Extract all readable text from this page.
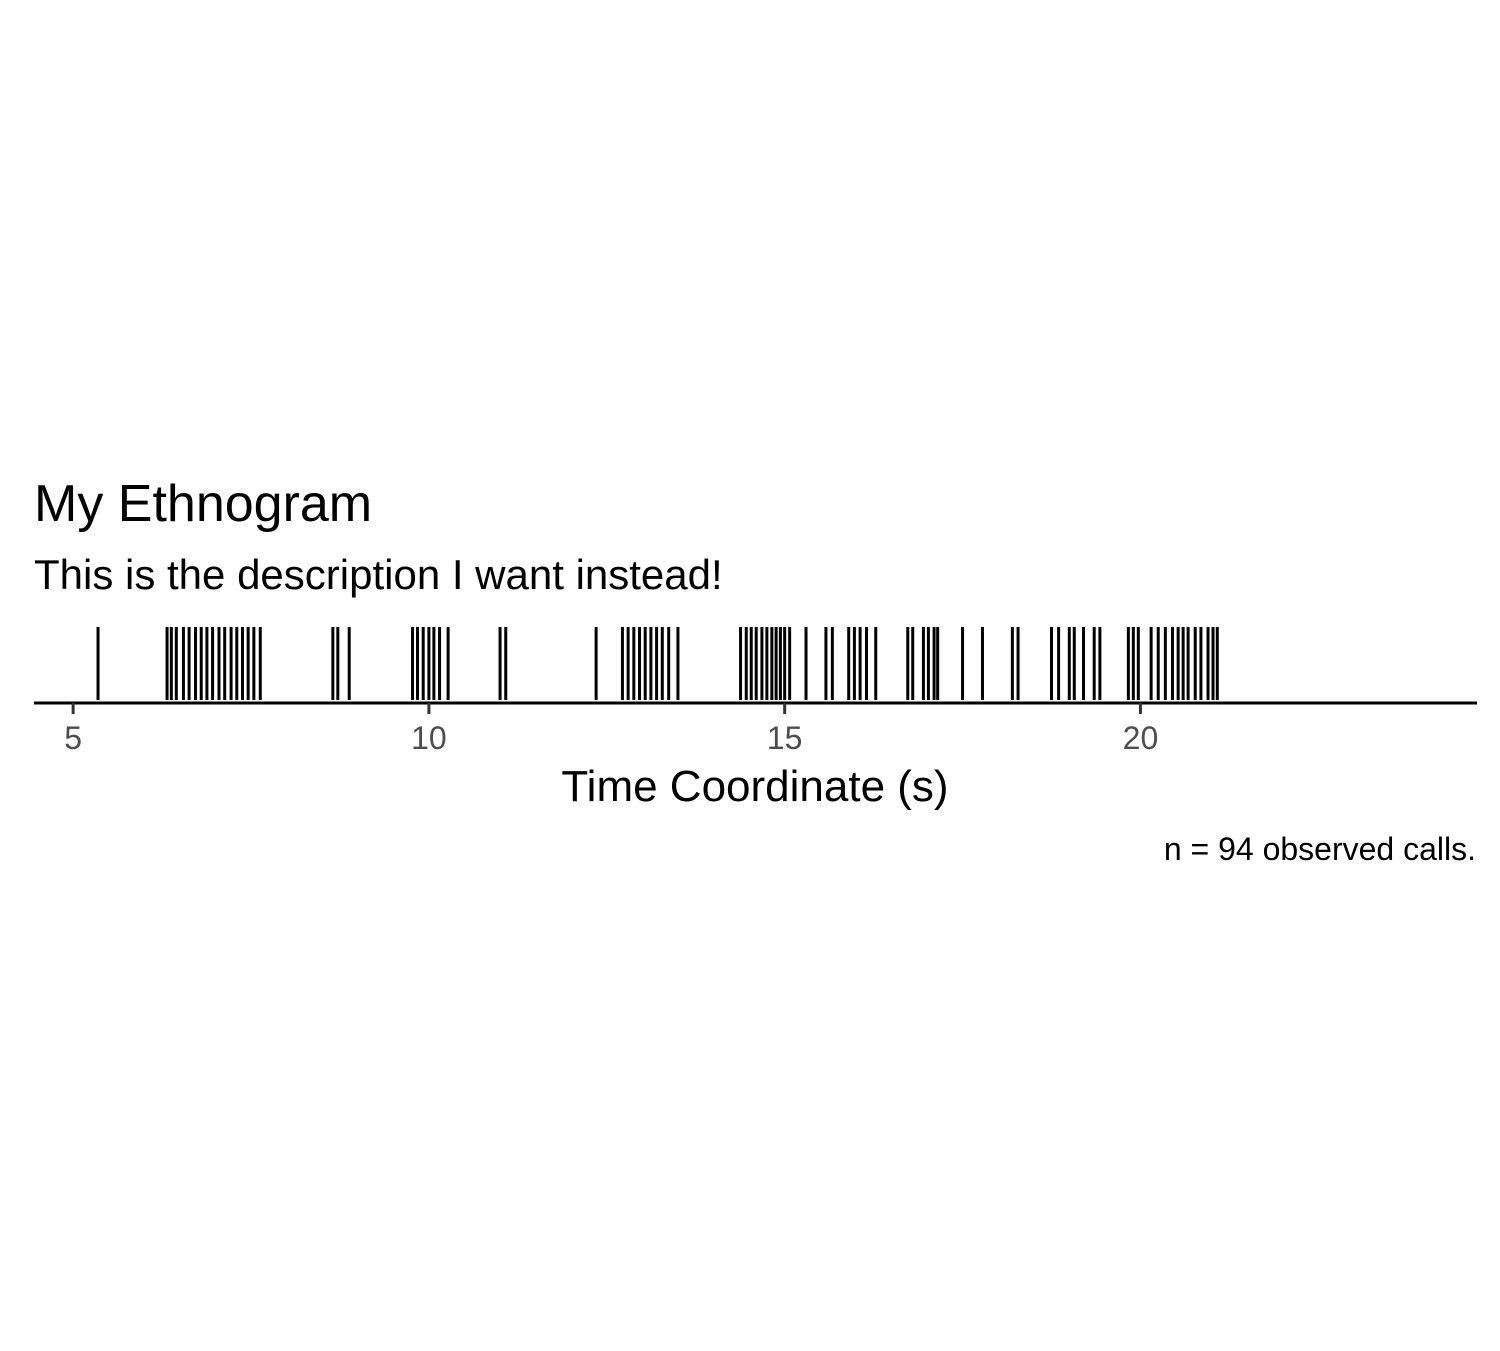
My Ethnogram
This is the description I want instead!
5	10	15	20
Time Coordinate (s)
n = 94 observed calls.
